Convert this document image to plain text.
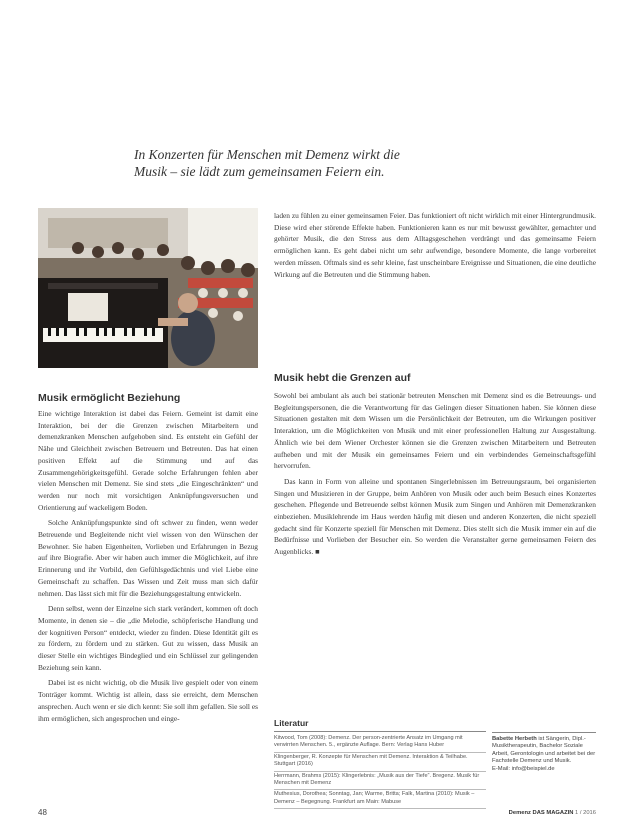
In Konzerten für Menschen mit Demenz wirkt die Musik – sie lädt zum gemeinsamen Feiern ein.
Musik ermöglicht Beziehung

Eine wichtige Interaktion ist dabei das Feiern. Gemeint ist damit eine Interaktion, bei der die Grenzen zwischen Mitarbeitern und demenzkranken Menschen aufgehoben sind. Es entsteht ein Gefühl der Nähe und Gleichheit zwischen Betreuern und Betreuten. Das hat einen positiven Effekt auf die Stimmung und auf das Zusammengehörigkeitsgefühl. Gerade solche Erfahrungen fehlen aber vielen Menschen mit Demenz. Sie sind stets „die Eingeschränkten“ und werden nur noch mit vorsichtigen Anknüpfungsversuchen und Orientierung auf wackeligem Boden.

Solche Anknüpfungspunkte sind oft schwer zu finden, wenn weder Betreuende und Begleitende nicht viel wissen von den Wünschen der Bewohner. Sie haben Eigenheiten, Vorlieben und Erfahrungen in Bezug auf ihre Biografie. Aber wir haben auch immer die Möglichkeit, auf ihre Erinnerung und ihr Vorbild, den Gefühlsgedächtnis und viel Liebe eine Gemeinschaft zu schaffen. Das Wissen und Zeit muss man sich dafür nehmen. Das lässt sich mit für die Beziehungsgestaltung entwickeln.

Denn selbst, wenn der Einzelne sich stark verändert, kommen oft doch Momente, in denen sie – die „die Melodie, schöpferische Handlung und der kognitiven Person“ entdeckt, wieder zu finden. Diese Identität gilt es zu fördern, zu fördern und zu stärken. Gut zu wissen, dass Musik an dieser Stelle ein wichtiges Bindeglied und ein Schlüssel zur gelingenden Beziehung sein kann.

Dabei ist es nicht wichtig, ob die Musik live gespielt oder von einem Tonträger kommt. Wichtig ist allein, dass sie erreicht, dem Menschen ansprechen. Auch wenn er sie dich kennt: Sie soll ihm gefallen. Sie soll es ihm ermöglichen, sich angesprochen und einge-

laden zu fühlen zu einer gemeinsamen Feier. Das funktioniert oft nicht wirklich mit einer Hintergrundmusik. Diese wird eher störende Effekte haben. Funktionieren kann es nur mit bewusst gewählter, gemachter und gehörter Musik, die den Stress aus dem Alltagsgeschehen verdrängt und das gemeinsame Feiern ermöglichen kann. Es geht dabei nicht um sehr aufwendige, besondere Momente, die lange vorbereitet werden müssen. Oftmals sind es sehr kleine, fast unscheinbare Ereignisse und Situationen, die eine deutliche Wirkung auf die Betreuten und die Stimmung haben.

Musik hebt die Grenzen auf

Sowohl bei ambulant als auch bei stationär betreuten Menschen mit Demenz sind es die Betreuungs- und Begleitungspersonen, die die Verantwortung für das Gelingen dieser Situationen haben. Sie können diese Situationen gestalten mit dem Wissen um die Persönlichkeit der Betreuten, um die Wirkungen positiver Interaktion, um die Möglichkeiten von Musik und mit einer professionellen Haltung zur Ausgestaltung. Ähnlich wie bei dem Wiener Orchester können sie die Grenzen zwischen Mitarbeitern und Betreuten aufheben und mit der Musik ein gemeinsames Feiern und ein verbindendes Gemeinschaftsgefühl hervorrufen.

Das kann in Form von alleine und spontanen Singerlebnissen im Betreuungsraum, bei organisierten Singen und Musizieren in der Gruppe, beim Anhören von Musik oder auch beim Besuch eines Konzertes geschehen. Pflegende und Betreuende selbst können Musik zum Singen und Anhören mit Demenzkranken einbeziehen. Musiklehrende im Haus werden häufig mit diesen und anderen Konzerten, die nicht speziell gedacht sind für Konzerte speziell für Menschen mit Demenz. Dies stellt sich die Musik immer ein auf die Bedürfnisse und Vorlieben der Besucher ein. So werden die Veranstalter gerne gemeinsamen Feiern des Augenblicks. ■

Literatur
Kitwood, Tom (2008): Demenz. Der person-zentrierte Ansatz im Umgang mit verwirrten Menschen. 5., ergänzte Auflage. Bern: Verlag Hans Huber
Klingenberger, R. Konzepte für Menschen mit Demenz. Interaktion & Teilhabe. Stuttgart (2016)
Herrmann, Brahms (2015): Klingerlebnis: „Musik aus der Tiefe“. Bregenz. Musik für Menschen mit Demenz
Muthesius, Dorothea; Sonntag, Jan; Warme, Britta; Falk, Martina (2010): Musik – Demenz – Begegnung. Frankfurt am Main: Mabuse
Babette Herbeth ist Sängerin, Dipl.-Musiktherapeutin, Bachelor Soziale Arbeit, Gerontologin und arbeitet bei der Fachstelle Demenz und Musik.
E-Mail: info@beispiel.de
48	Demenz DAS MAGAZIN 1 / 2016
